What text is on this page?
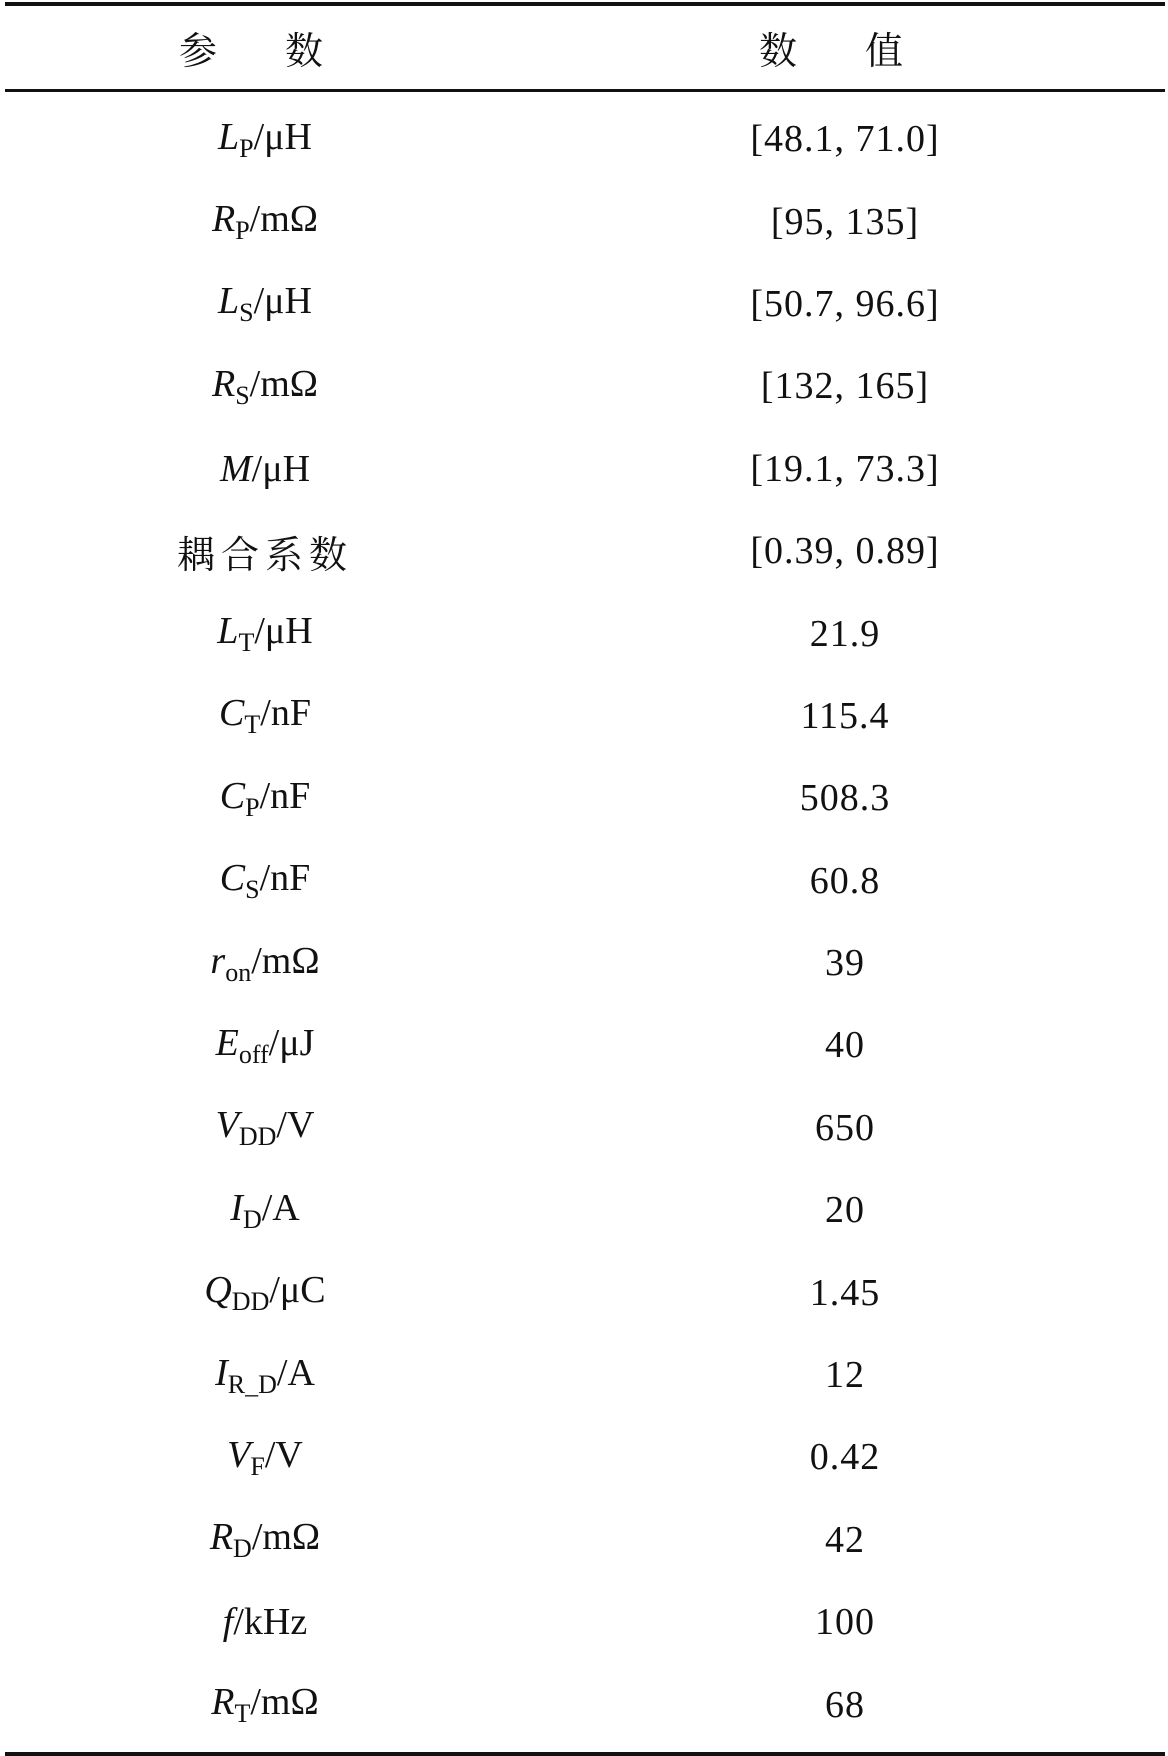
参 数	数 值
$L_P/\mu H$	[48.1, 71.0]
$R_P/m\Omega$	[95, 135]
$L_S/\mu H$	[50.7, 96.6]
$R_S/m\Omega$	[132, 165]
M/μH	[19.1, 73.3]
耦合系数	[0.39, 0.89]
$L_T/\mu H$	21.9
$C_T/nF$	115.4
$C_P/nF$	508.3
$C_S/nF$	60.8
$r_{on}/m\Omega$	39
$E_{off}/\mu J$	40
$V_{DD}/V$	650
$I_D/A$	20
$Q_{DD}/\mu C$	1.45
$I_{R\_D}/A$	12
$V_F/V$	0.42
$R_D/m\Omega$	42
f/kHz	100
$R_T/m\Omega$	68
